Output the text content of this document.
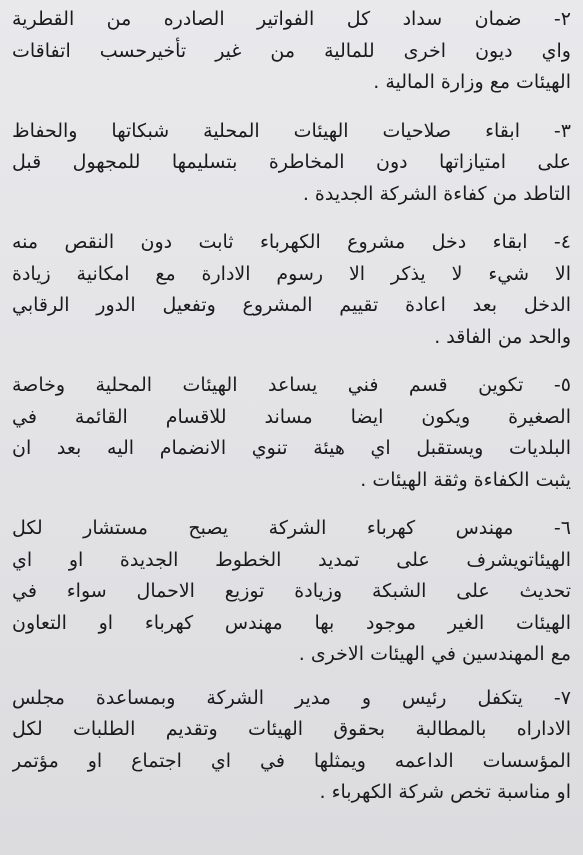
٢- ضمان سداد كل الفواتير الصادره من القطرية
واي ديون اخرى للمالية من غير تأخيرحسب اتفاقات
الهيئات مع وزارة المالية .
٣- ابقاء صلاحيات الهيئات المحلية شبكاتها والحفاظ
على امتيازاتها دون المخاطرة بتسليمها للمجهول قبل
التاطد من كفاءة الشركة الجديدة .
٤- ابقاء دخل مشروع الكهرباء ثابت دون النقص منه
الا شيء لا يذكر الا رسوم الادارة مع امكانية زيادة
الدخل بعد اعادة تقييم المشروع وتفعيل الدور الرقابي
والحد من الفاقد .
٥- تكوين قسم فني يساعد الهيئات المحلية وخاصة
الصغيرة ويكون ايضا مساند للاقسام القائمة في
البلديات ويستقبل اي هيئة تنوي الانضمام اليه بعد ان
يثبت الكفاءة وثقة الهيئات .
٦- مهندس كهرباء الشركة يصبح مستشار لكل
الهيئاتويشرف على تمديد الخطوط الجديدة او اي
تحديث على الشبكة وزيادة توزيع الاحمال سواء في
الهيئات الغير موجود بها مهندس كهرباء او التعاون
مع المهندسين في الهيئات الاخرى .
٧- يتكفل رئيس و مدير الشركة وبمساعدة مجلس
الاداراه بالمطالبة بحقوق الهيئات وتقديم الطلبات لكل
المؤسسات الداعمه ويمثلها في اي اجتماع او مؤتمر
او مناسبة تخص شركة الكهرباء .
